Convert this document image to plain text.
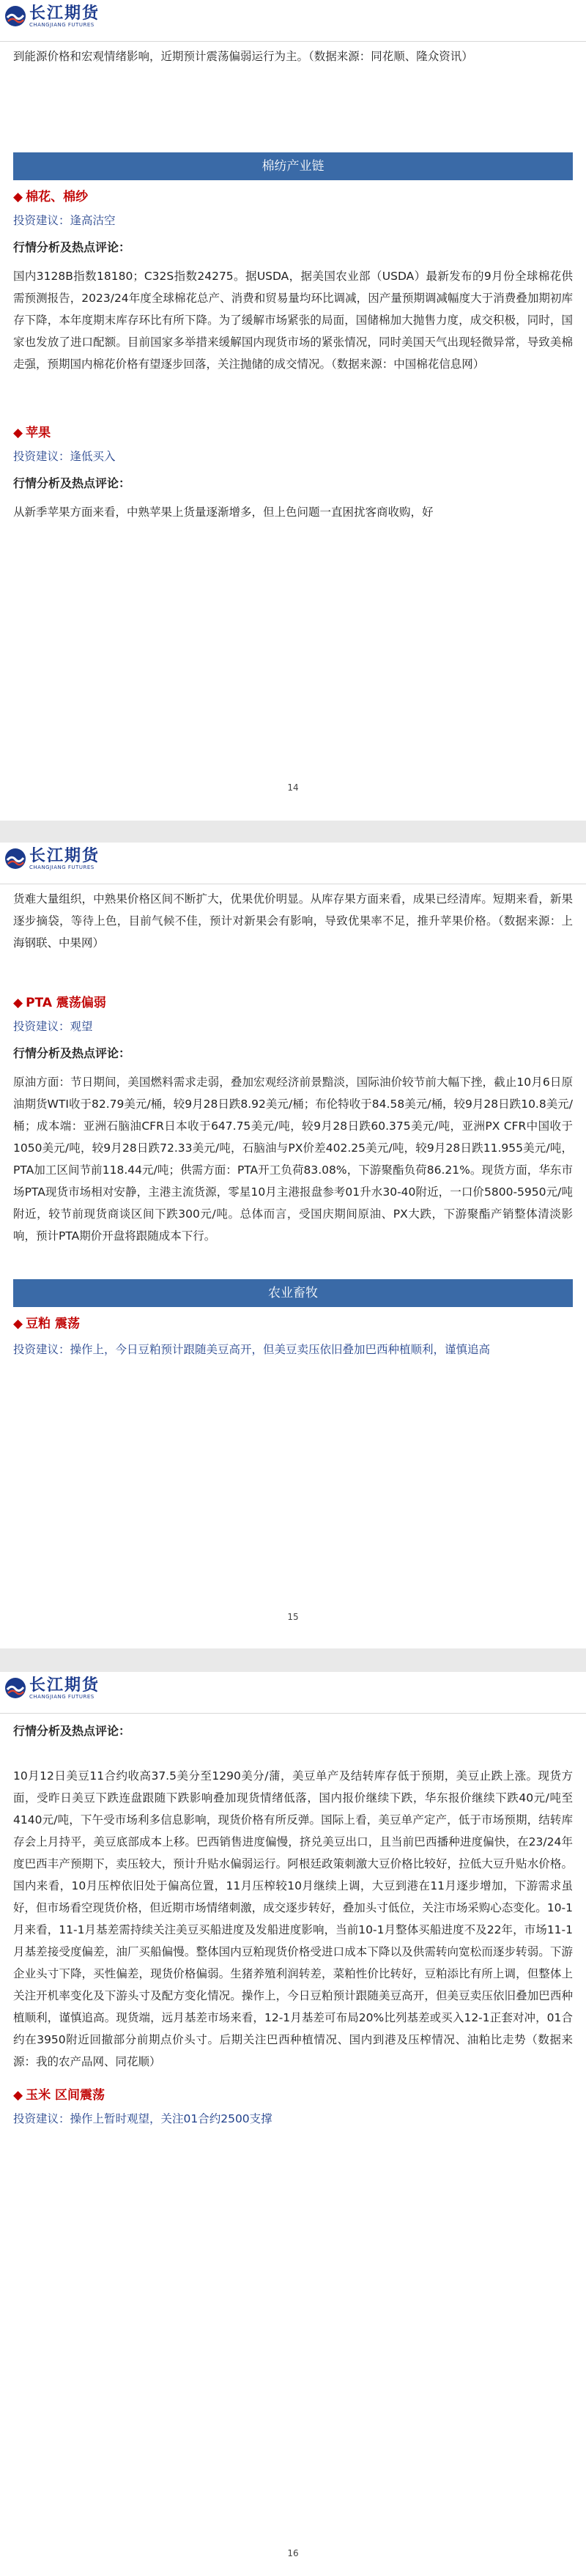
长江期货
CHANGJIANG FUTURES

到能源价格和宏观情绪影响，近期预计震荡偏弱运行为主。（数据来源：同花顺、隆众资讯）

棉纺产业链
◆ 棉花、棉纱
投资建议：逢高沽空
行情分析及热点评论：

国内3128B指数18180；C32S指数24275。据USDA，据美国农业部（USDA）最新发布的9月份全球棉花供需预测报告，2023/24年度全球棉花总产、消费和贸易量均环比调减，因产量预期调减幅度大于消费叠加期初库存下降，本年度期末库存环比有所下降。为了缓解市场紧张的局面，国储棉加大抛售力度，成交积极，同时，国家也发放了进口配额。目前国家多举措来缓解国内现货市场的紧张情况，同时美国天气出现轻微异常，导致美棉走强，预期国内棉花价格有望逐步回落，关注抛储的成交情况。（数据来源：中国棉花信息网）

◆ 苹果
投资建议：逢低买入
行情分析及热点评论：

从新季苹果方面来看，中熟苹果上货量逐渐增多，但上色问题一直困扰客商收购，好

14
长江期货
CHANGJIANG FUTURES

货难大量组织，中熟果价格区间不断扩大，优果优价明显。从库存果方面来看，成果已经清库。短期来看，新果逐步摘袋，等待上色，目前气候不佳，预计对新果会有影响，导致优果率不足，推升苹果价格。（数据来源：上海钢联、中果网）

◆ PTA 震荡偏弱
投资建议：观望
行情分析及热点评论：

原油方面：节日期间，美国燃料需求走弱，叠加宏观经济前景黯淡，国际油价较节前大幅下挫，截止10月6日原油期货WTI收于82.79美元/桶，较9月28日跌8.92美元/桶；布伦特收于84.58美元/桶，较9月28日跌10.8美元/桶；成本端：亚洲石脑油CFR日本收于647.75美元/吨，较9月28日跌60.375美元/吨，亚洲PX CFR中国收于1050美元/吨，较9月28日跌72.33美元/吨，石脑油与PX价差402.25美元/吨，较9月28日跌11.955美元/吨，PTA加工区间节前118.44元/吨；供需方面：PTA开工负荷83.08%，下游聚酯负荷86.21%。现货方面，华东市场PTA现货市场相对安静，主港主流货源，零星10月主港报盘参考01升水30-40附近，一口价5800-5950元/吨附近，较节前现货商谈区间下跌300元/吨。总体而言，受国庆期间原油、PX大跌，下游聚酯产销整体清淡影响，预计PTA期价开盘将跟随成本下行。

农业畜牧
◆ 豆粕 震荡

投资建议：操作上，今日豆粕预计跟随美豆高开，但美豆卖压依旧叠加巴西种植顺利，谨慎追高

15
长江期货
CHANGJIANG FUTURES
行情分析及热点评论：

10月12日美豆11合约收高37.5美分至1290美分/蒲，美豆单产及结转库存低于预期，美豆止跌上涨。现货方面，受昨日美豆下跌连盘跟随下跌影响叠加现货情绪低落，国内报价继续下跌，华东报价继续下跌40元/吨至4140元/吨，下午受市场利多信息影响，现货价格有所反弹。国际上看，美豆单产定产，低于市场预期，结转库存会上月持平，美豆底部成本上移。巴西销售进度偏慢，挤兑美豆出口，且当前巴西播种进度偏快，在23/24年度巴西丰产预期下，卖压较大，预计升贴水偏弱运行。阿根廷政策刺激大豆价格比较好，拉低大豆升贴水价格。国内来看，10月压榨依旧处于偏高位置，11月压榨较10月继续上调，大豆到港在11月逐步增加，下游需求虽好，但市场看空现货价格，但近期市场情绪刺激，成交逐步转好，叠加头寸低位，关注市场采购心态变化。10-1月来看，11-1月基差需持续关注美豆买船进度及发船进度影响，当前10-1月整体买船进度不及22年，市场11-1月基差接受度偏差，油厂买船偏慢。整体国内豆粕现货价格受进口成本下降以及供需转向宽松而逐步转弱。下游企业头寸下降，买性偏差，现货价格偏弱。生猪养殖利润转差，菜粕性价比转好，豆粕添比有所上调，但整体上关注开机率变化及下游头寸及配方变化情况。操作上，今日豆粕预计跟随美豆高开，但美豆卖压依旧叠加巴西种植顺利，谨慎追高。现货端，远月基差市场来看，12-1月基差可布局20%比列基差或买入12-1正套对冲，01合约在3950附近回撤部分前期点价头寸。后期关注巴西种植情况、国内到港及压榨情况、油粕比走势（数据来源：我的农产品网、同花顺）

◆ 玉米 区间震荡
投资建议：操作上暂时观望，关注01合约2500支撑
16
